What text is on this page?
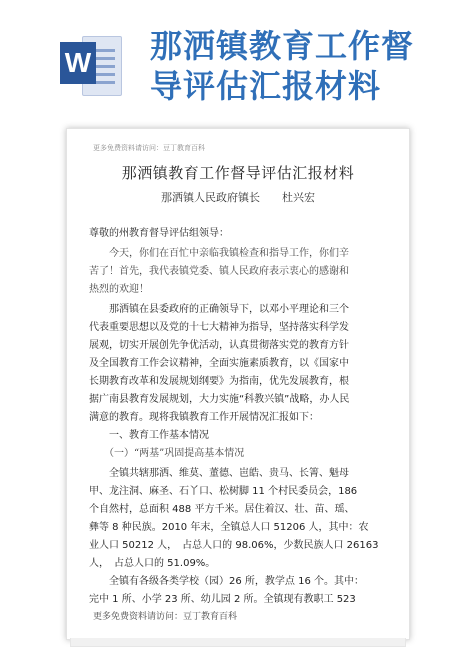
W 那洒镇教育工作督
导评估汇报材料
更多免费资料请访问：豆丁教育百科
那洒镇教育工作督导评估汇报材料
那洒镇人民政府镇长　　杜兴宏
尊敬的州教育督导评估组领导：
　　今天，你们在百忙中亲临我镇检查和指导工作，你们辛
苦了！首先，我代表镇党委、镇人民政府表示衷心的感谢和
热烈的欢迎！
　　那洒镇在县委政府的正确领导下，以邓小平理论和三个
代表重要思想以及党的十七大精神为指导，坚持落实科学发
展观，切实开展创先争优活动，认真贯彻落实党的教育方针
及全国教育工作会议精神，全面实施素质教育，以《国家中
长期教育改革和发展规划纲要》为指南，优先发展教育，根
据广南县教育发展规划，大力实施“科教兴镇”战略，办人民
满意的教育。现将我镇教育工作开展情况汇报如下：
　　一、教育工作基本情况
　　（一）“两基”巩固提高基本情况
　　全镇共辖那洒、维莫、董德、岜皓、贵马、长箐、魁母
甲、龙注洞、麻圣、石丫口、松树脚 11 个村民委员会，186
个自然村，总面积 488 平方千米。居住着汉、壮、苗、瑶、
彝等 8 种民族。2010 年末，全镇总人口 51206 人，其中：农
业人口 50212 人，　占总人口的 98.06%，少数民族人口 26163
人，　占总人口的 51.09%。
　　全镇有各级各类学校（园）26 所，教学点 16 个。其中：
完中 1 所、小学 23 所、幼儿园 2 所。全镇现有教职工 523
更多免费资料请访问：豆丁教育百科
